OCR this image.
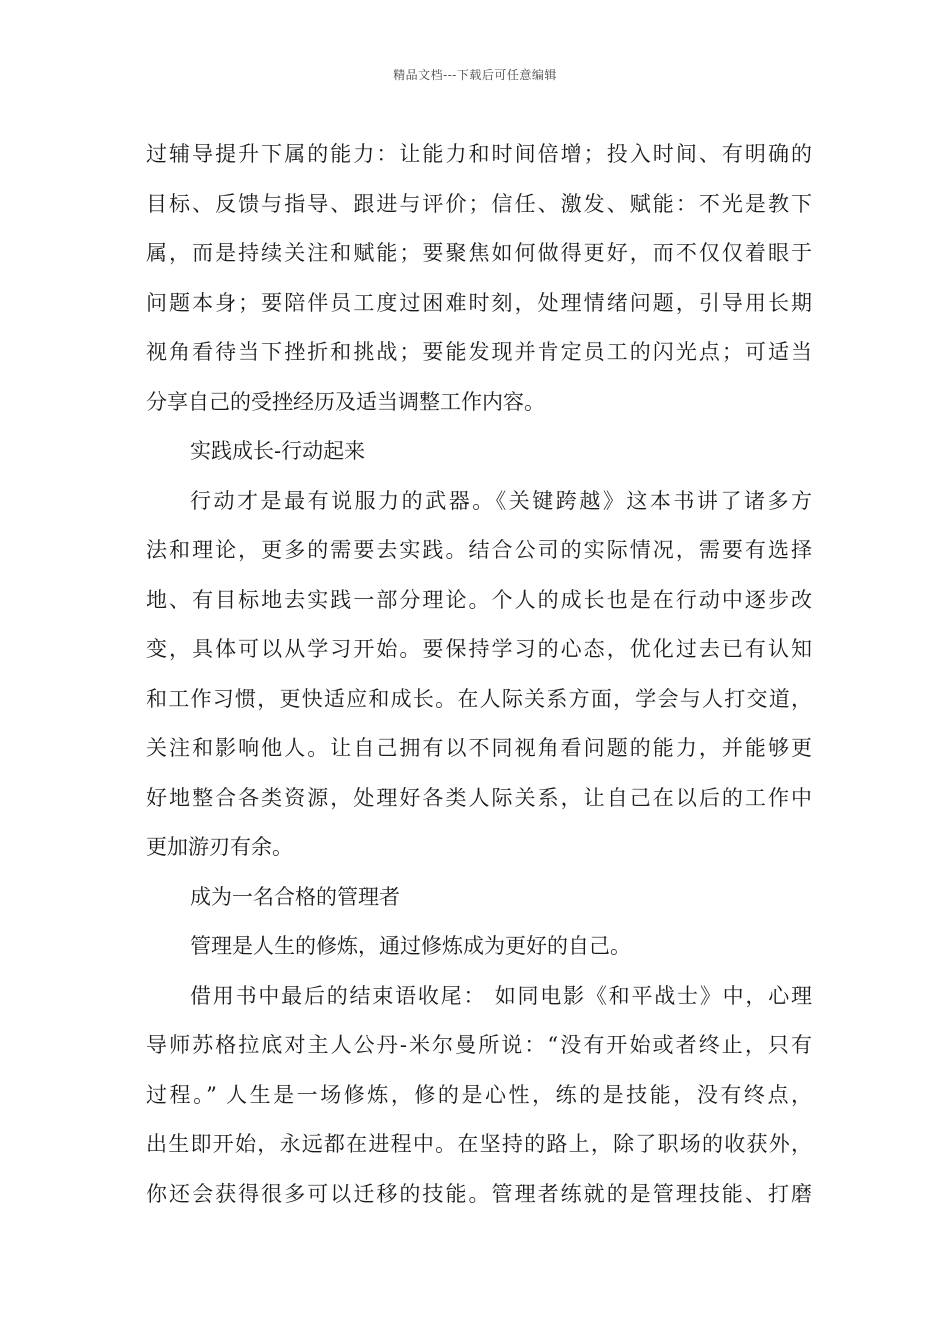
精品文档---下载后可任意编辑
过辅导提升下属的能力：让能力和时间倍增；投入时间、有明确的
目标、反馈与指导、跟进与评价；信任、激发、赋能：不光是教下
属，而是持续关注和赋能；要聚焦如何做得更好，而不仅仅着眼于
问题本身；要陪伴员工度过困难时刻，处理情绪问题，引导用长期
视角看待当下挫折和挑战；要能发现并肯定员工的闪光点；可适当
分享自己的受挫经历及适当调整工作内容。
实践成长-行动起来
行动才是最有说服力的武器。《关键跨越》这本书讲了诸多方
法和理论，更多的需要去实践。结合公司的实际情况，需要有选择
地、有目标地去实践一部分理论。个人的成长也是在行动中逐步改
变，具体可以从学习开始。要保持学习的心态，优化过去已有认知
和工作习惯，更快适应和成长。在人际关系方面，学会与人打交道，
关注和影响他人。让自己拥有以不同视角看问题的能力，并能够更
好地整合各类资源，处理好各类人际关系，让自己在以后的工作中
更加游刃有余。
成为一名合格的管理者
管理是人生的修炼，通过修炼成为更好的自己。
借用书中最后的结束语收尾： 如同电影《和平战士》中，心理
导师苏格拉底对主人公丹-米尔曼所说：“没有开始或者终止，只有
过程。” 人生是一场修炼，修的是心性，练的是技能，没有终点，
出生即开始，永远都在进程中。在坚持的路上，除了职场的收获外，
你还会获得很多可以迁移的技能。管理者练就的是管理技能、打磨
